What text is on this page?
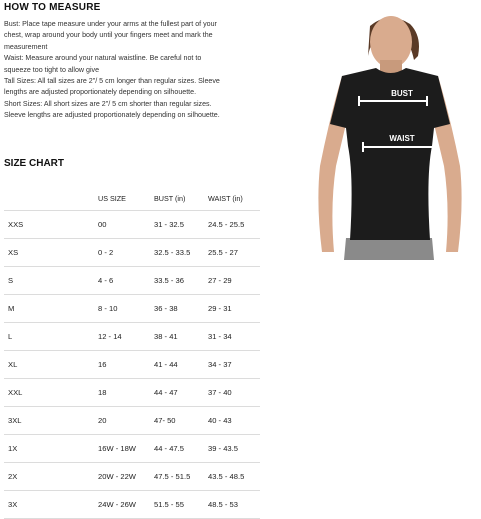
HOW TO MEASURE

Bust: Place tape measure under your arms at the fullest part of your

chest, wrap around your body until your fingers meet and mark the

measurement

Waist: Measure around your natural waistline. Be careful not to

squeeze too tight to allow give

Tall Sizes: All tall sizes are 2"/ 5 cm longer than regular sizes. Sleeve

lengths are adjusted proportionately depending on silhouette.

Short Sizes: All short sizes are 2"/ 5 cm shorter than regular sizes.

Sleeve lengths are adjusted proportionately depending on silhouette.

BUST
WAIST
SIZE CHART
	US SIZE	BUST (in)	WAIST (in)
XXS	00	31 - 32.5	24.5 - 25.5
XS	0 - 2	32.5 - 33.5	25.5 - 27
S	4 - 6	33.5 - 36	27 - 29
M	8 - 10	36 - 38	29 - 31
L	12 - 14	38 - 41	31 - 34
XL	16	41 - 44	34 - 37
XXL	18	44 - 47	37 - 40
3XL	20	47- 50	40 - 43
1X	16W - 18W	44 - 47.5	39 - 43.5
2X	20W - 22W	47.5 - 51.5	43.5 - 48.5
3X	24W - 26W	51.5 - 55	48.5 - 53
